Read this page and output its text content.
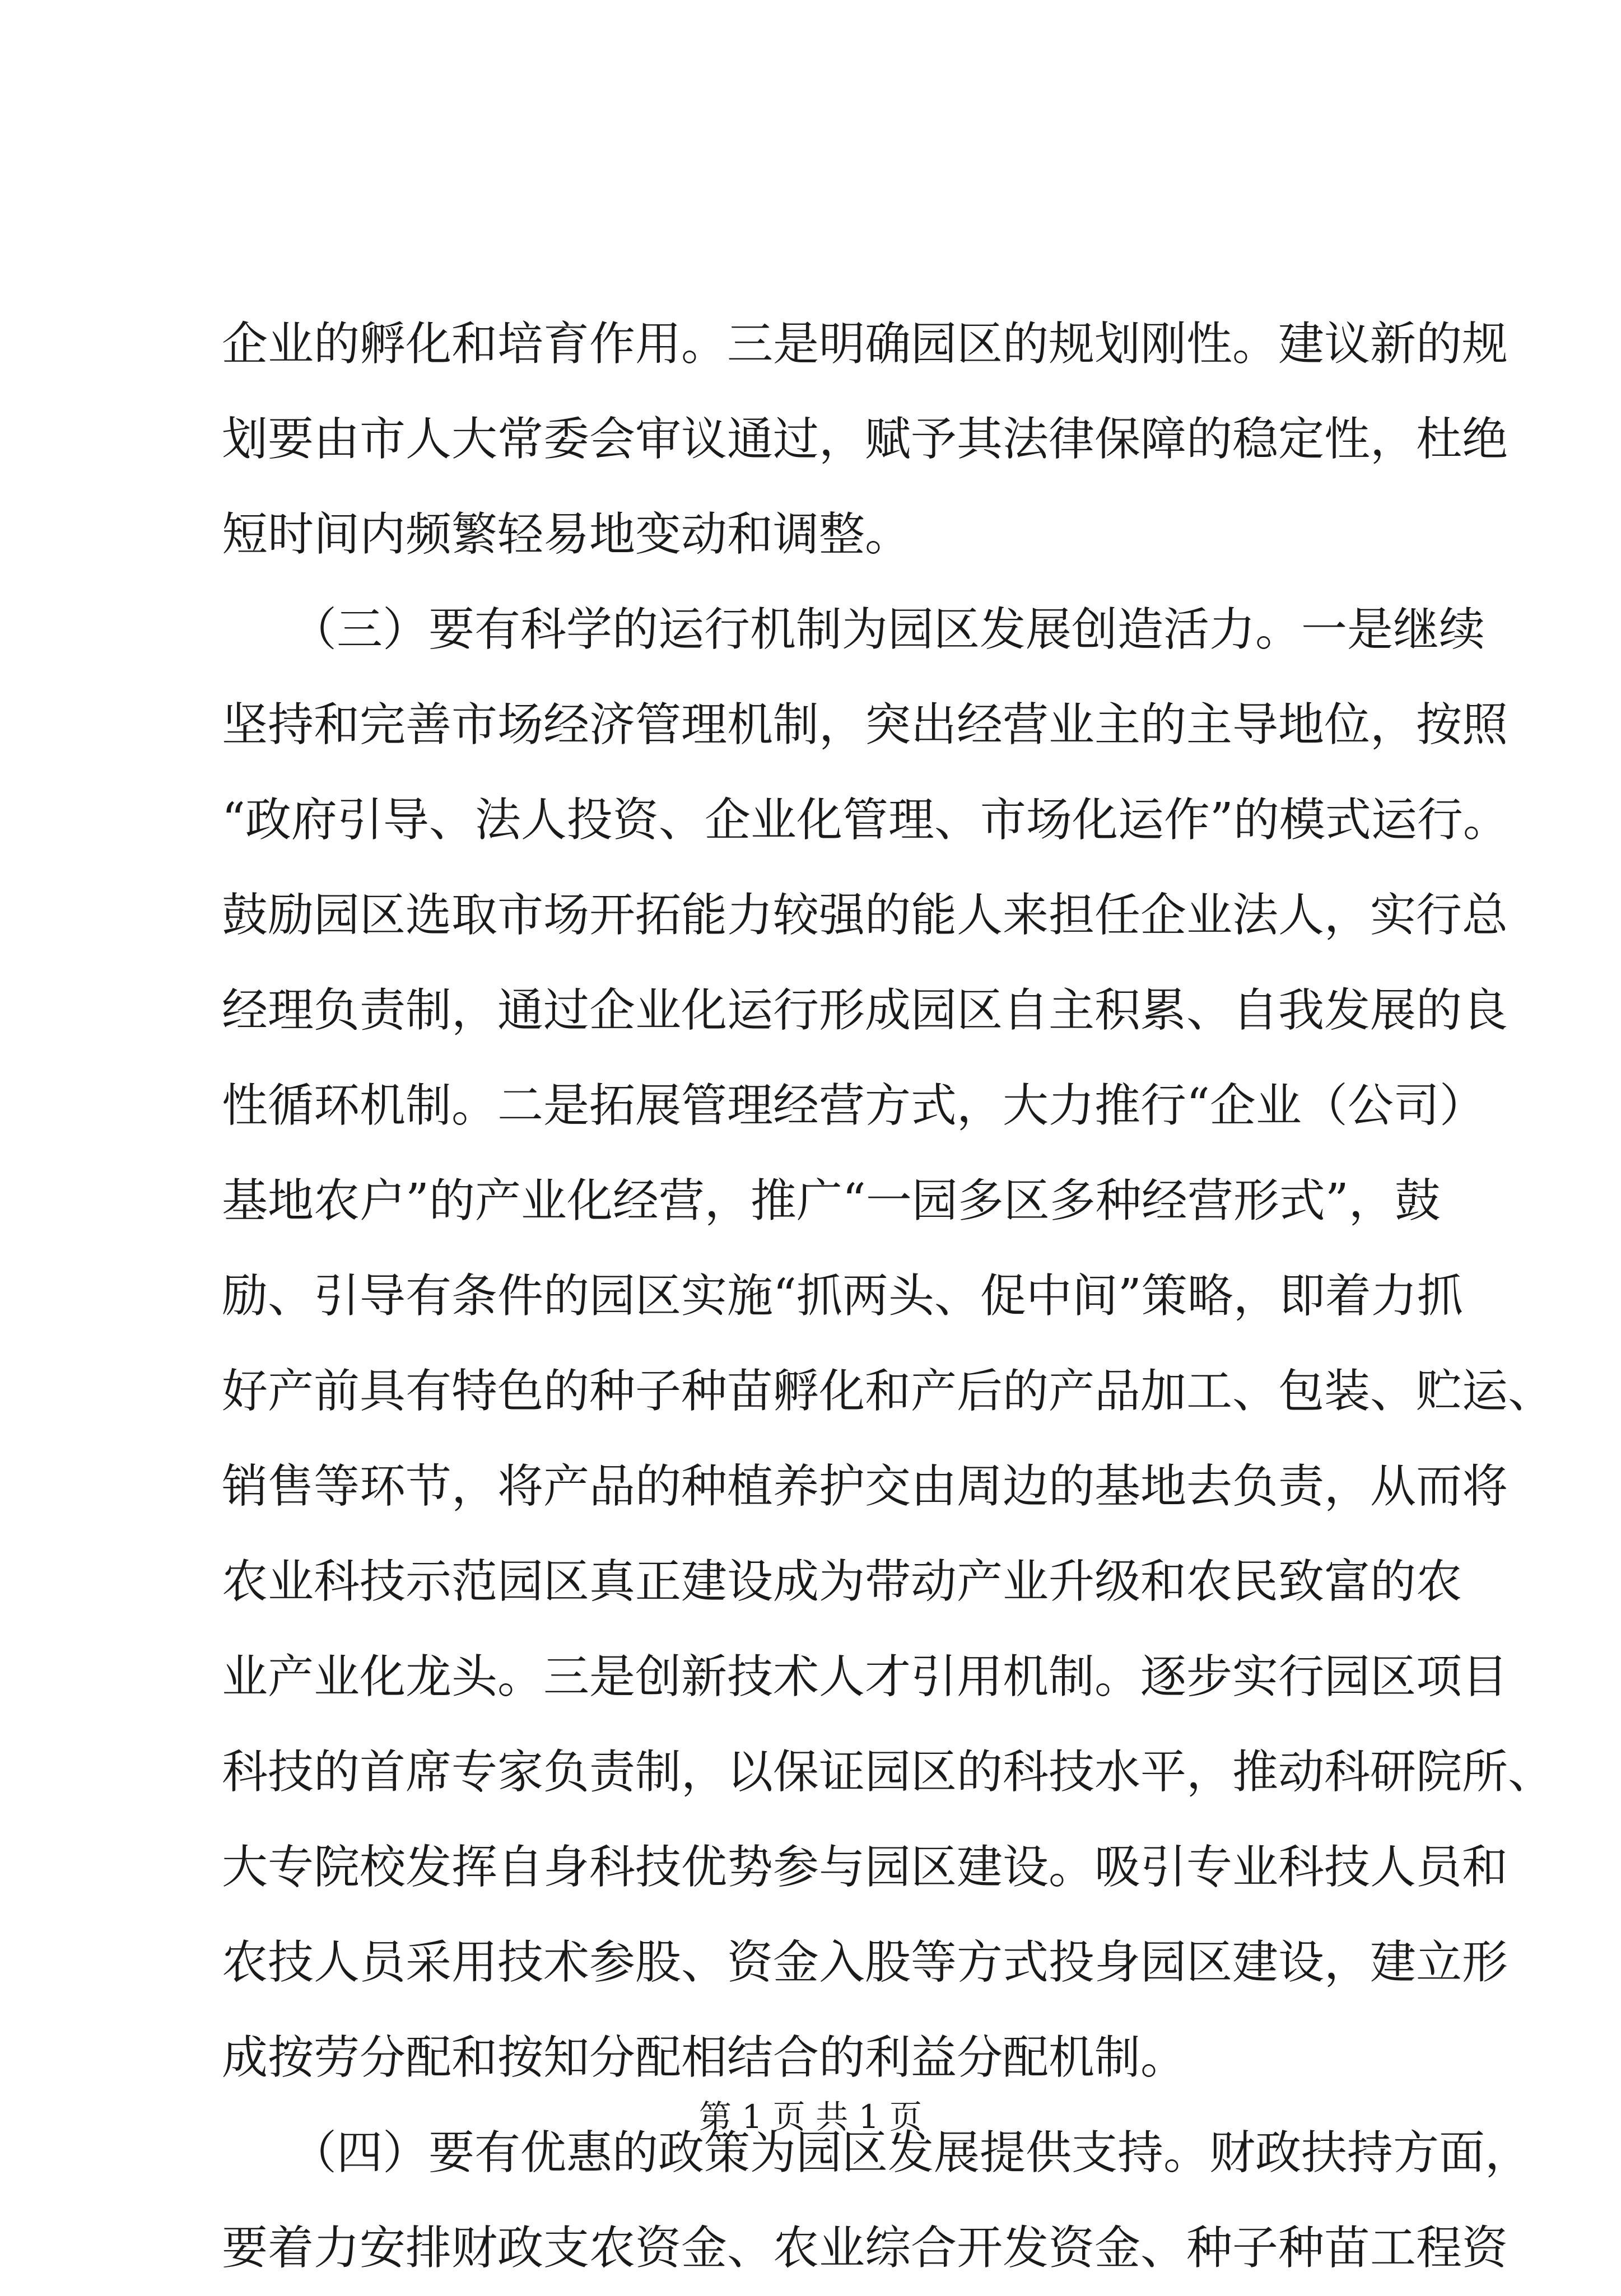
企业的孵化和培育作用。三是明确园区的规划刚性。建议新的规
划要由市人大常委会审议通过，赋予其法律保障的稳定性，杜绝
短时间内频繁轻易地变动和调整。
　　（三）要有科学的运行机制为园区发展创造活力。一是继续
坚持和完善市场经济管理机制，突出经营业主的主导地位，按照
“政府引导、法人投资、企业化管理、市场化运作”的模式运行。
鼓励园区选取市场开拓能力较强的能人来担任企业法人，实行总
经理负责制，通过企业化运行形成园区自主积累、自我发展的良
性循环机制。二是拓展管理经营方式，大力推行“企业（公司）
基地农户”的产业化经营，推广“一园多区多种经营形式”，鼓
励、引导有条件的园区实施“抓两头、促中间”策略，即着力抓
好产前具有特色的种子种苗孵化和产后的产品加工、包装、贮运、
销售等环节，将产品的种植养护交由周边的基地去负责，从而将
农业科技示范园区真正建设成为带动产业升级和农民致富的农
业产业化龙头。三是创新技术人才引用机制。逐步实行园区项目
科技的首席专家负责制，以保证园区的科技水平，推动科研院所、
大专院校发挥自身科技优势参与园区建设。吸引专业科技人员和
农技人员采用技术参股、资金入股等方式投身园区建设，建立形
成按劳分配和按知分配相结合的利益分配机制。
　　（四）要有优惠的政策为园区发展提供支持。财政扶持方面，
要着力安排财政支农资金、农业综合开发资金、种子种苗工程资
第 1 页 共 1 页
